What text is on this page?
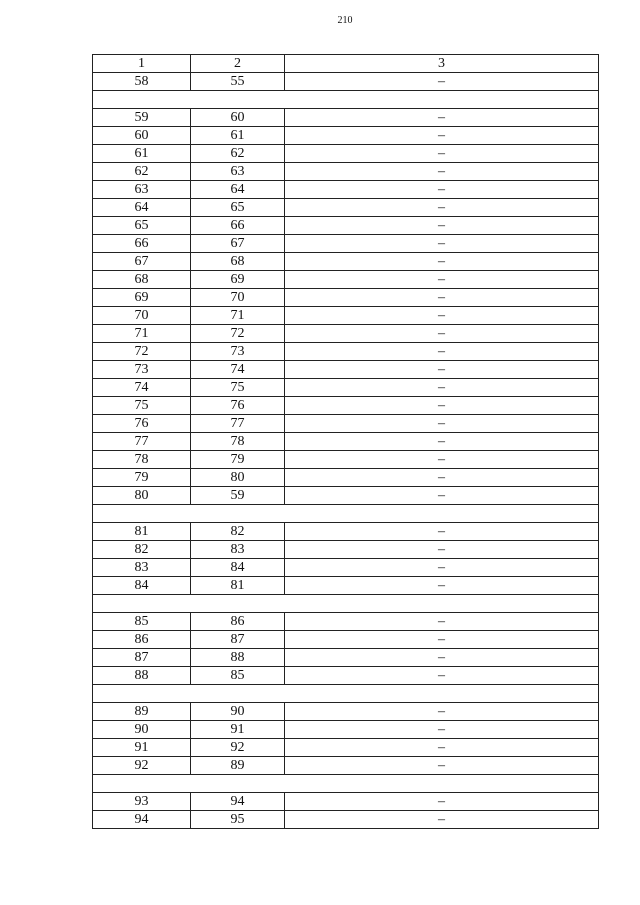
210
1	2	3
58	55	–

59	60	–
60	61	–
61	62	–
62	63	–
63	64	–
64	65	–
65	66	–
66	67	–
67	68	–
68	69	–
69	70	–
70	71	–
71	72	–
72	73	–
73	74	–
74	75	–
75	76	–
76	77	–
77	78	–
78	79	–
79	80	–
80	59	–

81	82	–
82	83	–
83	84	–
84	81	–

85	86	–
86	87	–
87	88	–
88	85	–

89	90	–
90	91	–
91	92	–
92	89	–

93	94	–
94	95	–
